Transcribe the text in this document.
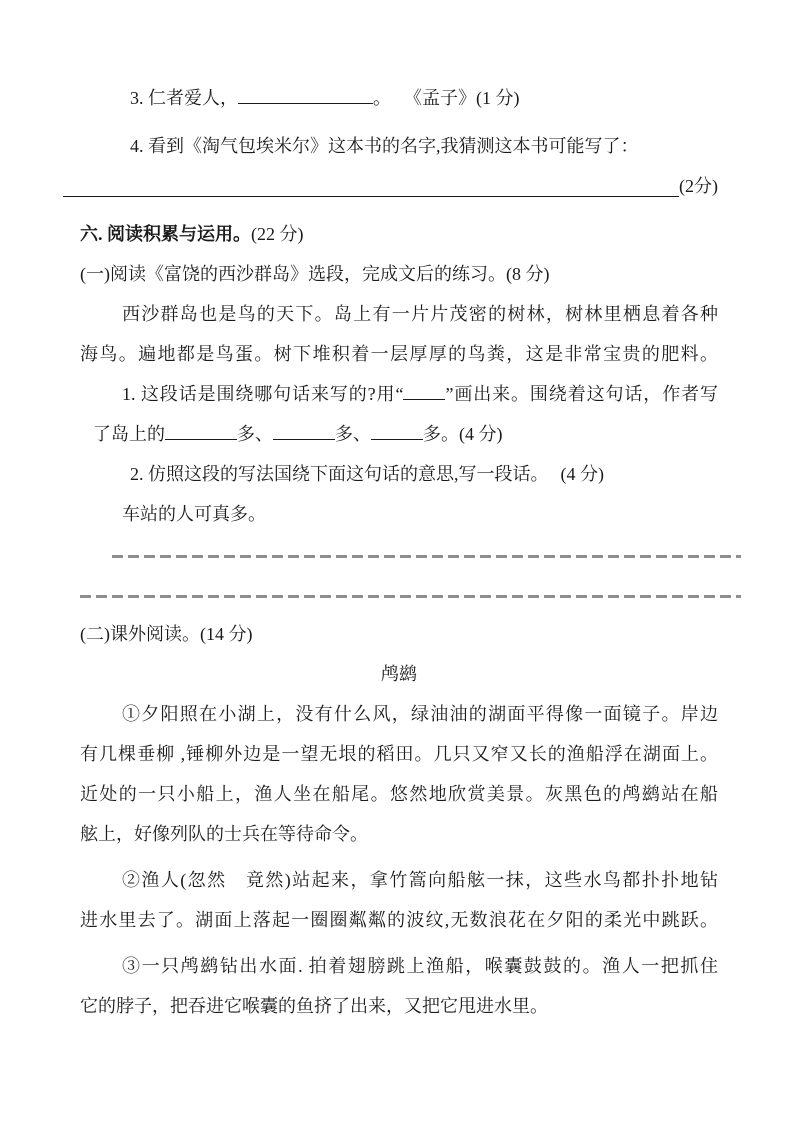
3. 仁者爱人，	。 《孟子》(1 分)
4. 看到《淘气包埃米尔》这本书的名字,我猜测这本书可能写了：
(2分)
六. 阅读积累与运用。(22 分)
(一)阅读《富饶的西沙群岛》选段，完成文后的练习。(8 分)
西沙群岛也是鸟的天下。岛上有一片片茂密的树林，树林里栖息着各种
海鸟。遍地都是鸟蛋。树下堆积着一层厚厚的鸟粪，这是非常宝贵的肥料。
1. 这段话是围绕哪句话来写的?用“ ”画出来。围绕着这句话，作者写
了岛上的	多、	多、	多。(4 分)
2. 仿照这段的写法国绕下面这句话的意思,写一段话。 (4 分)
车站的人可真多。
(二)课外阅读。(14 分)
鸬鹚
①夕阳照在小湖上，没有什么风，绿油油的湖面平得像一面镜子。岸边
有几棵垂柳 ,锤柳外边是一望无垠的稻田。几只又窄又长的渔船浮在湖面上。
近处的一只小船上，渔人坐在船尾。悠然地欣赏美景。灰黑色的鸬鹚站在船
舷上，好像列队的士兵在等待命令。
②渔人(忽然　竟然)站起来，拿竹篙向船舷一抹，这些水鸟都扑扑地钻
进水里去了。湖面上落起一圈圈粼粼的波纹,无数浪花在夕阳的柔光中跳跃。
③一只鸬鹚钻出水面. 拍着翅膀跳上渔船，喉囊鼓鼓的。渔人一把抓住
它的脖子，把吞进它喉囊的鱼挤了出来，又把它甩进水里。
